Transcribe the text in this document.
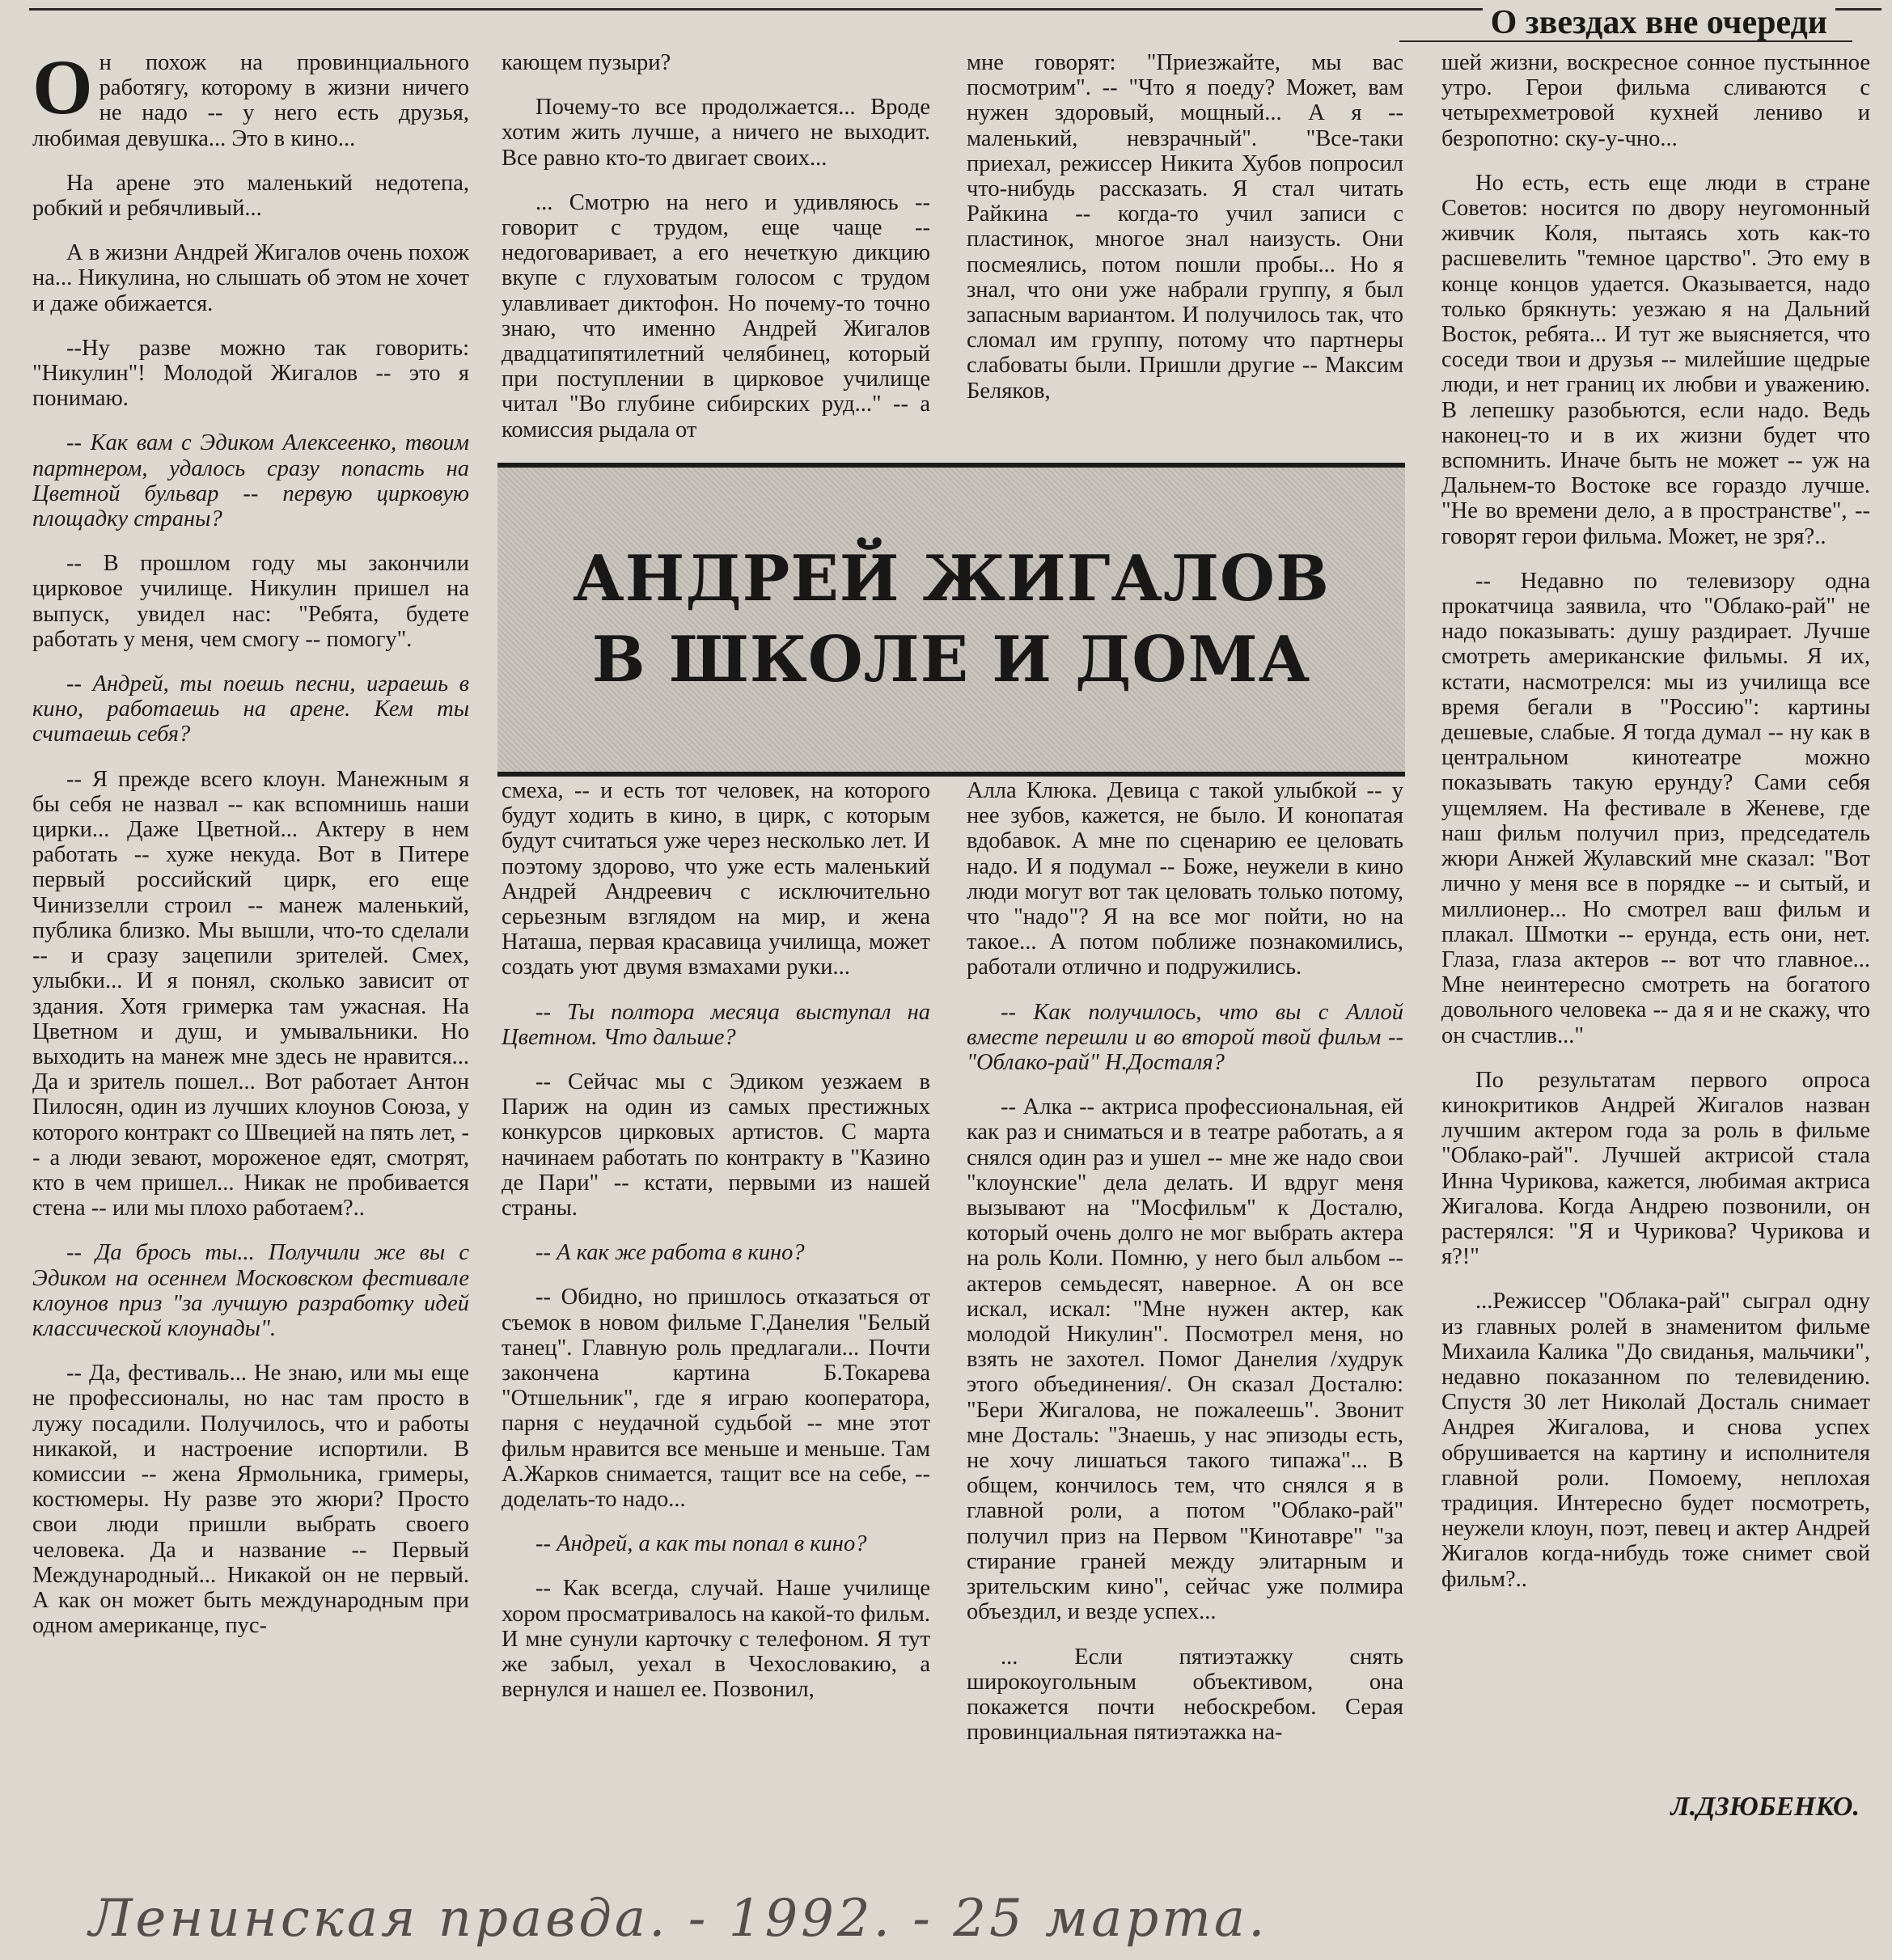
О звездах вне очереди

Он похож на провинциального работягу, которому в жизни ничего не надо -- у него есть друзья, любимая девушка... Это в кино...

На арене это маленький недотепа, робкий и ребячливый...

А в жизни Андрей Жигалов очень похож на... Никулина, но слышать об этом не хочет и даже обижается.

--Ну разве можно так говорить: "Никулин"! Молодой Жигалов -- это я понимаю.

-- Как вам с Эдиком Алексеенко, твоим партнером, удалось сразу попасть на Цветной бульвар -- первую цирковую площадку страны?

-- В прошлом году мы закончили цирковое училище. Никулин пришел на выпуск, увидел нас: "Ребята, будете работать у меня, чем смогу -- помогу".

-- Андрей, ты поешь песни, играешь в кино, работаешь на арене. Кем ты считаешь себя?

-- Я прежде всего клоун. Манежным я бы себя не назвал -- как вспомнишь наши цирки... Даже Цветной... Актеру в нем работать -- хуже некуда. Вот в Питере первый российский цирк, его еще Чиниззелли строил -- манеж маленький, публика близко. Мы вышли, что-то сделали -- и сразу зацепили зрителей. Смех, улыбки... И я понял, сколько зависит от здания. Хотя гримерка там ужасная. На Цветном и душ, и умывальники. Но выходить на манеж мне здесь не нравится... Да и зритель пошел... Вот работает Антон Пилосян, один из лучших клоунов Союза, у которого контракт со Швецией на пять лет, -- а люди зевают, мороженое едят, смотрят, кто в чем пришел... Никак не пробивается стена -- или мы плохо работаем?..

-- Да брось ты... Получили же вы с Эдиком на осеннем Московском фестивале клоунов приз "за лучшую разработку идей классической клоунады".

-- Да, фестиваль... Не знаю, или мы еще не профессионалы, но нас там просто в лужу посадили. Получилось, что и работы никакой, и настроение испортили. В комиссии -- жена Ярмольника, гримеры, костюмеры. Ну разве это жюри? Просто свои люди пришли выбрать своего человека. Да и название -- Первый Международный... Никакой он не первый. А как он может быть международным при одном американце, пус-

кающем пузыри?

Почему-то все продолжается... Вроде хотим жить лучше, а ничего не выходит. Все равно кто-то двигает своих...

... Смотрю на него и удивляюсь -- говорит с трудом, еще чаще -- недоговаривает, а его нечеткую дикцию вкупе с глуховатым голосом с трудом улавливает диктофон. Но почему-то точно знаю, что именно Андрей Жигалов двадцатипятилетний челябинец, который при поступлении в цирковое училище читал "Во глубине сибирских руд..." -- а комиссия рыдала от

мне говорят: "Приезжайте, мы вас посмотрим". -- "Что я поеду? Может, вам нужен здоровый, мощный... А я -- маленький, невзрачный". "Все-таки приехал, режиссер Никита Хубов попросил что-нибудь рассказать. Я стал читать Райкина -- когда-то учил записи с пластинок, многое знал наизусть. Они посмеялись, потом пошли пробы... Но я знал, что они уже набрали группу, я был запасным вариантом. И получилось так, что сломал им группу, потому что партнеры слабоваты были. Пришли другие -- Максим Беляков,

АНДРЕЙ ЖИГАЛОВ
В ШКОЛЕ И ДОМА

смеха, -- и есть тот человек, на которого будут ходить в кино, в цирк, с которым будут считаться уже через несколько лет. И поэтому здорово, что уже есть маленький Андрей Андреевич с исключительно серьезным взглядом на мир, и жена Наташа, первая красавица училища, может создать уют двумя взмахами руки...

-- Ты полтора месяца выступал на Цветном. Что дальше?

-- Сейчас мы с Эдиком уезжаем в Париж на один из самых престижных конкурсов цирковых артистов. С марта начинаем работать по контракту в "Казино де Пари" -- кстати, первыми из нашей страны.

-- А как же работа в кино?

-- Обидно, но пришлось отказаться от съемок в новом фильме Г.Данелия "Белый танец". Главную роль предлагали... Почти закончена картина Б.Токарева "Отшельник", где я играю кооператора, парня с неудачной судьбой -- мне этот фильм нравится все меньше и меньше. Там А.Жарков снимается, тащит все на себе, -- доделать-то надо...

-- Андрей, а как ты попал в кино?

-- Как всегда, случай. Наше училище хором просматривалось на какой-то фильм. И мне сунули карточку с телефоном. Я тут же забыл, уехал в Чехословакию, а вернулся и нашел ее. Позвонил,

Алла Клюка. Девица с такой улыбкой -- у нее зубов, кажется, не было. И конопатая вдобавок. А мне по сценарию ее целовать надо. И я подумал -- Боже, неужели в кино люди могут вот так целовать только потому, что "надо"? Я на все мог пойти, но на такое... А потом поближе познакомились, работали отлично и подружились.

-- Как получилось, что вы с Аллой вместе перешли и во второй твой фильм -- "Облако-рай" Н.Досталя?

-- Алка -- актриса профессиональная, ей как раз и сниматься и в театре работать, а я снялся один раз и ушел -- мне же надо свои "клоунские" дела делать. И вдруг меня вызывают на "Мосфильм" к Досталю, который очень долго не мог выбрать актера на роль Коли. Помню, у него был альбом -- актеров семьдесят, наверное. А он все искал, искал: "Мне нужен актер, как молодой Никулин". Посмотрел меня, но взять не захотел. Помог Данелия /худрук этого объединения/. Он сказал Досталю: "Бери Жигалова, не пожалеешь". Звонит мне Досталь: "Знаешь, у нас эпизоды есть, не хочу лишаться такого типажа"... В общем, кончилось тем, что снялся я в главной роли, а потом "Облако-рай" получил приз на Первом "Кинотавре" "за стирание граней между элитарным и зрительским кино", сейчас уже полмира объездил, и везде успех...

... Если пятиэтажку снять широкоугольным объективом, она покажется почти небоскребом. Серая провинциальная пятиэтажка на-

шей жизни, воскресное сонное пустынное утро. Герои фильма сливаются с четырехметровой кухней лениво и безропотно: ску-у-чно...

Но есть, есть еще люди в стране Советов: носится по двору неугомонный живчик Коля, пытаясь хоть как-то расшевелить "темное царство". Это ему в конце концов удается. Оказывается, надо только брякнуть: уезжаю я на Дальний Восток, ребята... И тут же выясняется, что соседи твои и друзья -- милейшие щедрые люди, и нет границ их любви и уважению. В лепешку разобьются, если надо. Ведь наконец-то и в их жизни будет что вспомнить. Иначе быть не может -- уж на Дальнем-то Востоке все гораздо лучше. "Не во времени дело, а в пространстве", -- говорят герои фильма. Может, не зря?..

-- Недавно по телевизору одна прокатчица заявила, что "Облако-рай" не надо показывать: душу раздирает. Лучше смотреть американские фильмы. Я их, кстати, насмотрелся: мы из училища все время бегали в "Россию": картины дешевые, слабые. Я тогда думал -- ну как в центральном кинотеатре можно показывать такую ерунду? Сами себя ущемляем. На фестивале в Женеве, где наш фильм получил приз, председатель жюри Анжей Жулавский мне сказал: "Вот лично у меня все в порядке -- и сытый, и миллионер... Но смотрел ваш фильм и плакал. Шмотки -- ерунда, есть они, нет. Глаза, глаза актеров -- вот что главное... Мне неинтересно смотреть на богатого довольного человека -- да я и не скажу, что он счастлив..."

По результатам первого опроса кинокритиков Андрей Жигалов назван лучшим актером года за роль в фильме "Облако-рай". Лучшей актрисой стала Инна Чурикова, кажется, любимая актриса Жигалова. Когда Андрею позвонили, он растерялся: "Я и Чурикова? Чурикова и я?!"

...Режиссер "Облака-рай" сыграл одну из главных ролей в знаменитом фильме Михаила Калика "До свиданья, мальчики", недавно показанном по телевидению. Спустя 30 лет Николай Досталь снимает Андрея Жигалова, и снова успех обрушивается на картину и исполнителя главной роли. Помоему, неплохая традиция. Интересно будет посмотреть, неужели клоун, поэт, певец и актер Андрей Жигалов когда-нибудь тоже снимет свой фильм?..

Л.ДЗЮБЕНКО.
Ленинская правда. - 1992. - 25 марта.
